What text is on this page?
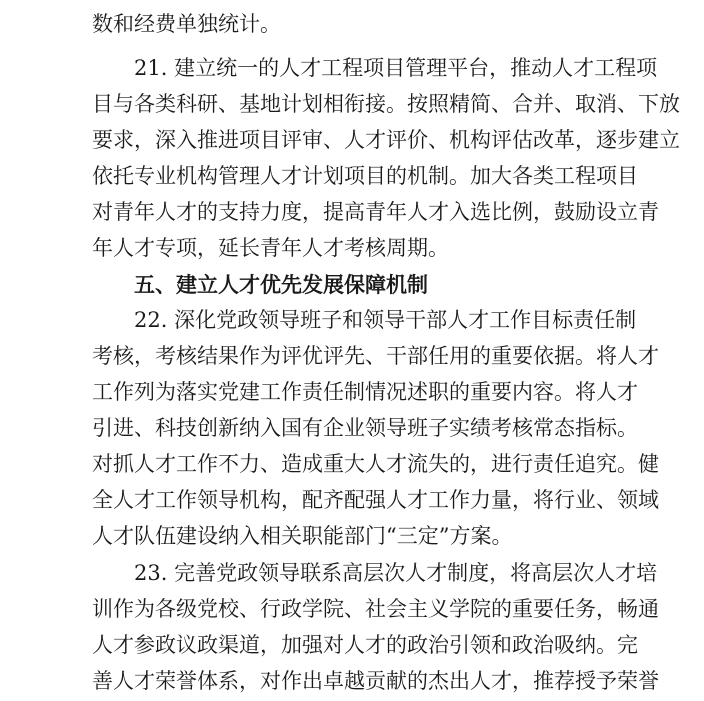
数和经费单独统计。
21. 建立统一的人才工程项目管理平台，推动人才工程项
目与各类科研、基地计划相衔接。按照精简、合并、取消、下放
要求，深入推进项目评审、人才评价、机构评估改革，逐步建立
依托专业机构管理人才计划项目的机制。加大各类工程项目
对青年人才的支持力度，提高青年人才入选比例，鼓励设立青
年人才专项，延长青年人才考核周期。
五、建立人才优先发展保障机制
22. 深化党政领导班子和领导干部人才工作目标责任制
考核，考核结果作为评优评先、干部任用的重要依据。将人才
工作列为落实党建工作责任制情况述职的重要内容。将人才
引进、科技创新纳入国有企业领导班子实绩考核常态指标。
对抓人才工作不力、造成重大人才流失的，进行责任追究。健
全人才工作领导机构，配齐配强人才工作力量，将行业、领域
人才队伍建设纳入相关职能部门“三定”方案。
23. 完善党政领导联系高层次人才制度，将高层次人才培
训作为各级党校、行政学院、社会主义学院的重要任务，畅通
人才参政议政渠道，加强对人才的政治引领和政治吸纳。完
善人才荣誉体系，对作出卓越贡献的杰出人才，推荐授予荣誉
